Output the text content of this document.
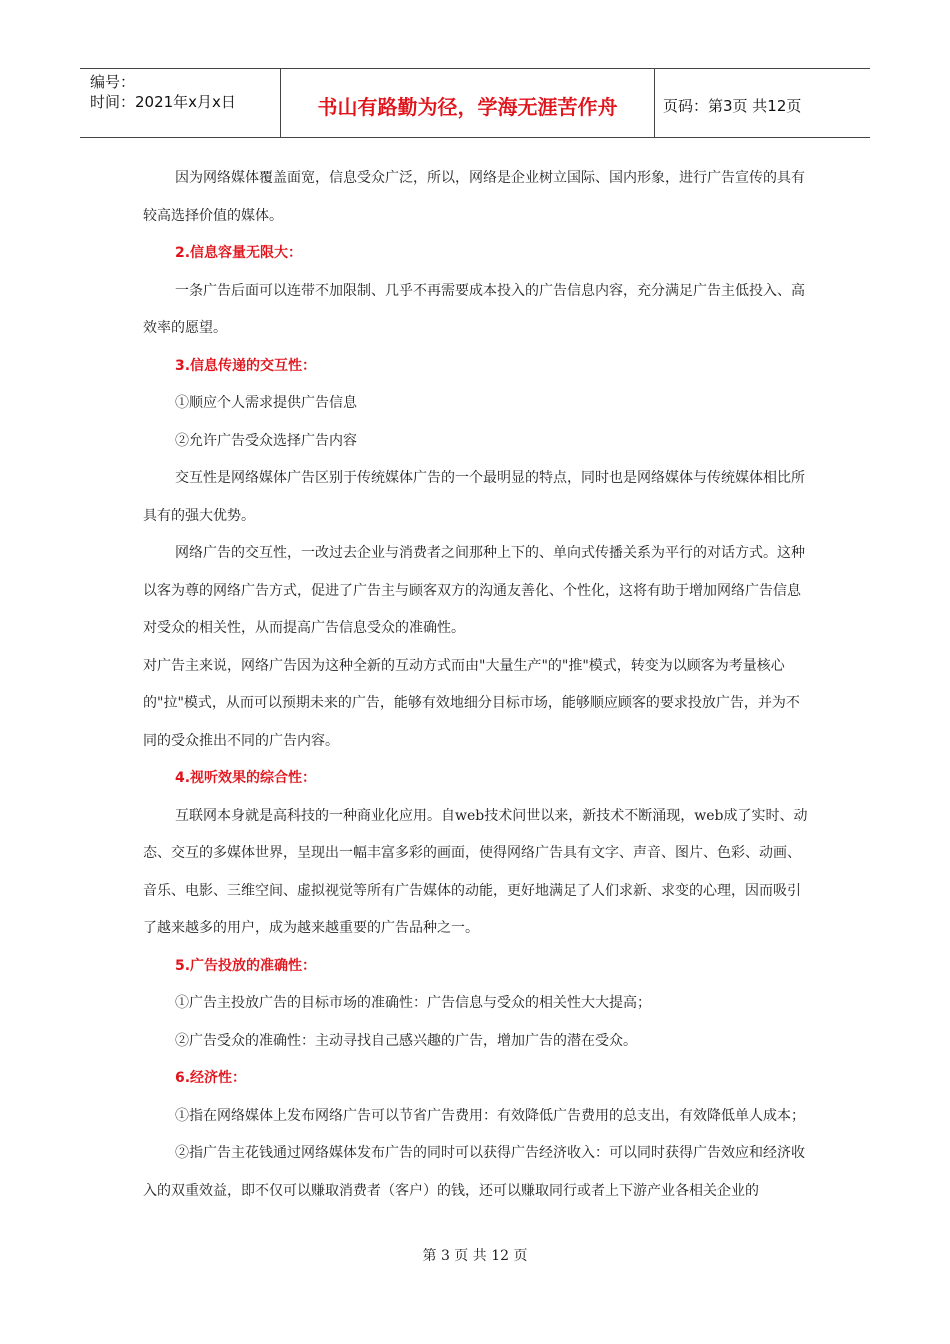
编号：
时间：2021年x月x日	书山有路勤为径，学海无涯苦作舟	页码：第3页 共12页

因为网络媒体覆盖面宽，信息受众广泛，所以，网络是企业树立国际、国内形象，进行广告宣传的具有较高选择价值的媒体。

2.信息容量无限大：

一条广告后面可以连带不加限制、几乎不再需要成本投入的广告信息内容，充分满足广告主低投入、高效率的愿望。

3.信息传递的交互性：

①顺应个人需求提供广告信息

②允许广告受众选择广告内容

交互性是网络媒体广告区别于传统媒体广告的一个最明显的特点，同时也是网络媒体与传统媒体相比所具有的强大优势。

网络广告的交互性，一改过去企业与消费者之间那种上下的、单向式传播关系为平行的对话方式。这种以客为尊的网络广告方式，促进了广告主与顾客双方的沟通友善化、个性化，这将有助于增加网络广告信息对受众的相关性，从而提高广告信息受众的准确性。

对广告主来说，网络广告因为这种全新的互动方式而由"大量生产"的"推"模式，转变为以顾客为考量核心的"拉"模式，从而可以预期未来的广告，能够有效地细分目标市场，能够顺应顾客的要求投放广告，并为不同的受众推出不同的广告内容。

4.视听效果的综合性：

互联网本身就是高科技的一种商业化应用。自web技术问世以来，新技术不断涌现，web成了实时、动态、交互的多媒体世界，呈现出一幅丰富多彩的画面，使得网络广告具有文字、声音、图片、色彩、动画、音乐、电影、三维空间、虚拟视觉等所有广告媒体的动能，更好地满足了人们求新、求变的心理，因而吸引了越来越多的用户，成为越来越重要的广告品种之一。

5.广告投放的准确性：

①广告主投放广告的目标市场的准确性：广告信息与受众的相关性大大提高；

②广告受众的准确性：主动寻找自己感兴趣的广告，增加广告的潜在受众。

6.经济性：

①指在网络媒体上发布网络广告可以节省广告费用：有效降低广告费用的总支出，有效降低单人成本；

②指广告主花钱通过网络媒体发布广告的同时可以获得广告经济收入：可以同时获得广告效应和经济收入的双重效益，即不仅可以赚取消费者（客户）的钱，还可以赚取同行或者上下游产业各相关企业的

第 3 页 共 12 页
